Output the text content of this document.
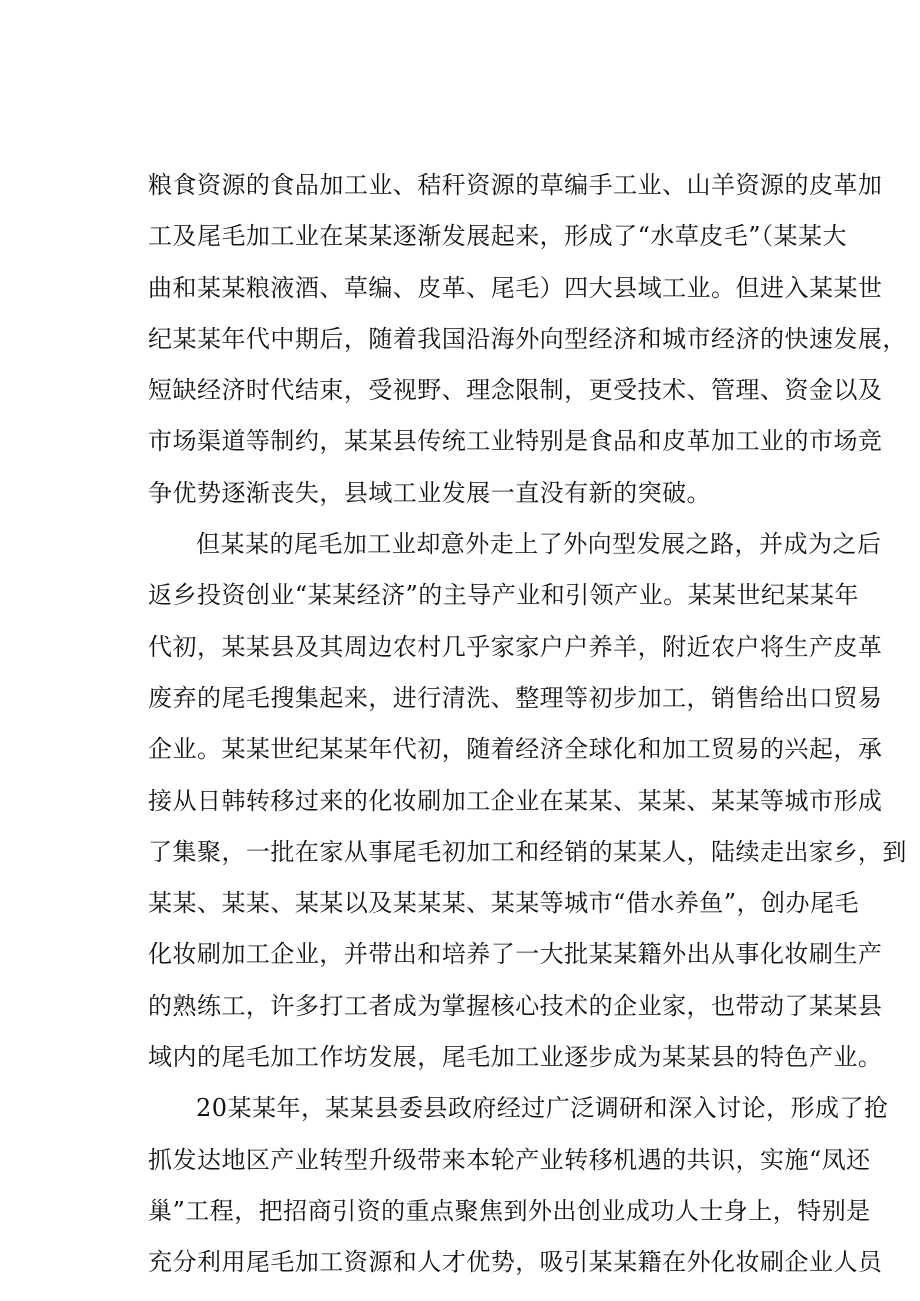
粮食资源的食品加工业、秸秆资源的草编手工业、山羊资源的皮革加
工及尾毛加工业在某某逐渐发展起来，形成了“水草皮毛”（某某大
曲和某某粮液酒、草编、皮革、尾毛）四大县域工业。但进入某某世
纪某某年代中期后，随着我国沿海外向型经济和城市经济的快速发展，
短缺经济时代结束，受视野、理念限制，更受技术、管理、资金以及
市场渠道等制约，某某县传统工业特别是食品和皮革加工业的市场竞
争优势逐渐丧失，县域工业发展一直没有新的突破。
但某某的尾毛加工业却意外走上了外向型发展之路，并成为之后
返乡投资创业“某某经济”的主导产业和引领产业。某某世纪某某年
代初，某某县及其周边农村几乎家家户户养羊，附近农户将生产皮革
废弃的尾毛搜集起来，进行清洗、整理等初步加工，销售给出口贸易
企业。某某世纪某某年代初，随着经济全球化和加工贸易的兴起，承
接从日韩转移过来的化妆刷加工企业在某某、某某、某某等城市形成
了集聚，一批在家从事尾毛初加工和经销的某某人，陆续走出家乡，到
某某、某某、某某以及某某某、某某等城市“借水养鱼”，创办尾毛
化妆刷加工企业，并带出和培养了一大批某某籍外出从事化妆刷生产
的熟练工，许多打工者成为掌握核心技术的企业家，也带动了某某县
域内的尾毛加工作坊发展，尾毛加工业逐步成为某某县的特色产业。
20某某年，某某县委县政府经过广泛调研和深入讨论，形成了抢
抓发达地区产业转型升级带来本轮产业转移机遇的共识，实施“凤还
巢”工程，把招商引资的重点聚焦到外出创业成功人士身上，特别是
充分利用尾毛加工资源和人才优势，吸引某某籍在外化妆刷企业人员
